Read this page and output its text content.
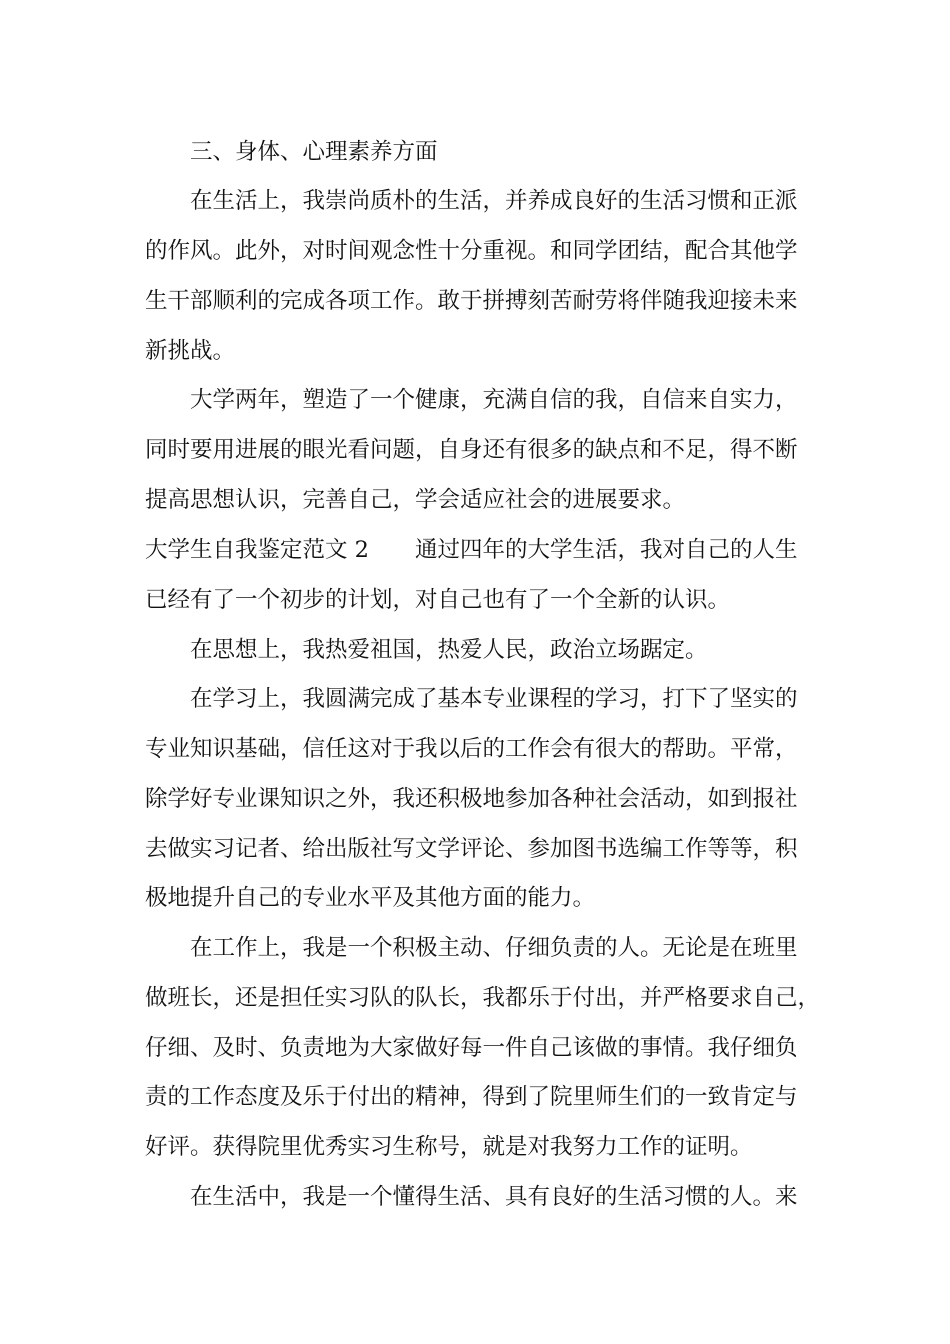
三、身体、心理素养方面
在生活上，我崇尚质朴的生活，并养成良好的生活习惯和正派
的作风。此外，对时间观念性十分重视。和同学团结，配合其他学
生干部顺利的完成各项工作。敢于拼搏刻苦耐劳将伴随我迎接未来
新挑战。
大学两年，塑造了一个健康，充满自信的我，自信来自实力，
同时要用进展的眼光看问题，自身还有很多的缺点和不足，得不断
提高思想认识，完善自己，学会适应社会的进展要求。
大学生自我鉴定范文 2 通过四年的大学生活，我对自己的人生
已经有了一个初步的计划，对自己也有了一个全新的认识。
在思想上，我热爱祖国，热爱人民，政治立场踞定。
在学习上，我圆满完成了基本专业课程的学习，打下了坚实的
专业知识基础，信任这对于我以后的工作会有很大的帮助。平常，
除学好专业课知识之外，我还积极地参加各种社会活动，如到报社
去做实习记者、给出版社写文学评论、参加图书选编工作等等，积
极地提升自己的专业水平及其他方面的能力。
在工作上，我是一个积极主动、仔细负责的人。无论是在班里
做班长，还是担任实习队的队长，我都乐于付出，并严格要求自己，
仔细、及时、负责地为大家做好每一件自己该做的事情。我仔细负
责的工作态度及乐于付出的精神，得到了院里师生们的一致肯定与
好评。获得院里优秀实习生称号，就是对我努力工作的证明。
在生活中，我是一个懂得生活、具有良好的生活习惯的人。来
